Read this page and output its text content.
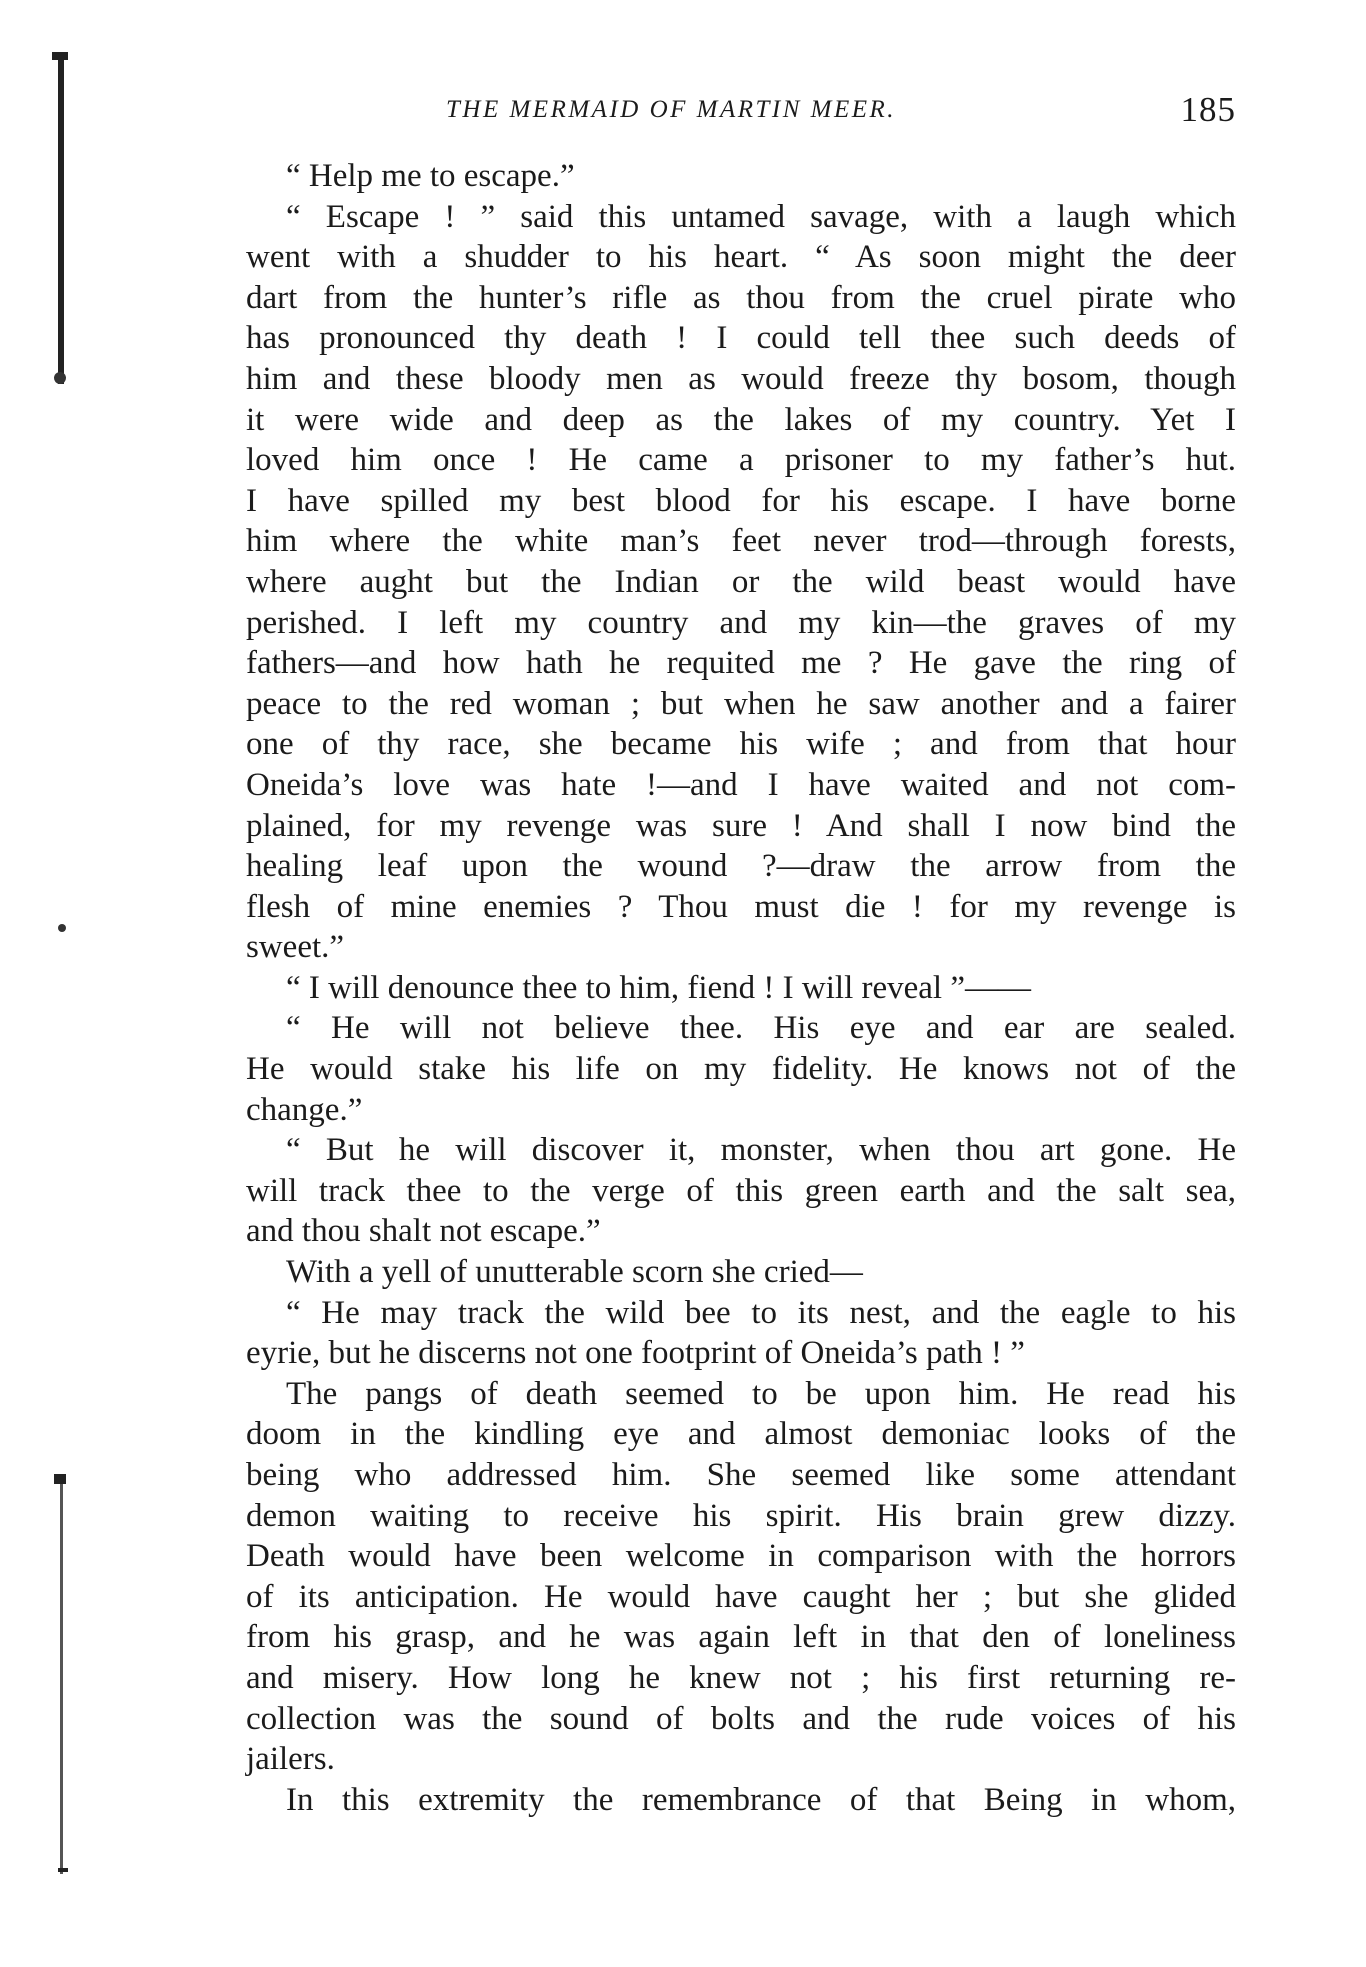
THE MERMAID OF MARTIN MEER.	185
“ Help me to escape.”
“ Escape ! ” said this untamed savage, with a laugh which
went with a shudder to his heart. “ As soon might the deer
dart from the hunter’s rifle as thou from the cruel pirate who
has pronounced thy death ! I could tell thee such deeds of
him and these bloody men as would freeze thy bosom, though
it were wide and deep as the lakes of my country. Yet I
loved him once ! He came a prisoner to my father’s hut.
I have spilled my best blood for his escape. I have borne
him where the white man’s feet never trod—through forests,
where aught but the Indian or the wild beast would have
perished. I left my country and my kin—the graves of my
fathers—and how hath he requited me ? He gave the ring of
peace to the red woman ; but when he saw another and a fairer
one of thy race, she became his wife ; and from that hour
Oneida’s love was hate !—and I have waited and not com-
plained, for my revenge was sure ! And shall I now bind the
healing leaf upon the wound ?—draw the arrow from the
flesh of mine enemies ? Thou must die ! for my revenge is
sweet.”
“ I will denounce thee to him, fiend ! I will reveal ”——
“ He will not believe thee. His eye and ear are sealed.
He would stake his life on my fidelity. He knows not of the
change.”
“ But he will discover it, monster, when thou art gone. He
will track thee to the verge of this green earth and the salt sea,
and thou shalt not escape.”
With a yell of unutterable scorn she cried—
“ He may track the wild bee to its nest, and the eagle to his
eyrie, but he discerns not one footprint of Oneida’s path ! ”
The pangs of death seemed to be upon him. He read his
doom in the kindling eye and almost demoniac looks of the
being who addressed him. She seemed like some attendant
demon waiting to receive his spirit. His brain grew dizzy.
Death would have been welcome in comparison with the horrors
of its anticipation. He would have caught her ; but she glided
from his grasp, and he was again left in that den of loneliness
and misery. How long he knew not ; his first returning re-
collection was the sound of bolts and the rude voices of his
jailers.
In this extremity the remembrance of that Being in whom,
